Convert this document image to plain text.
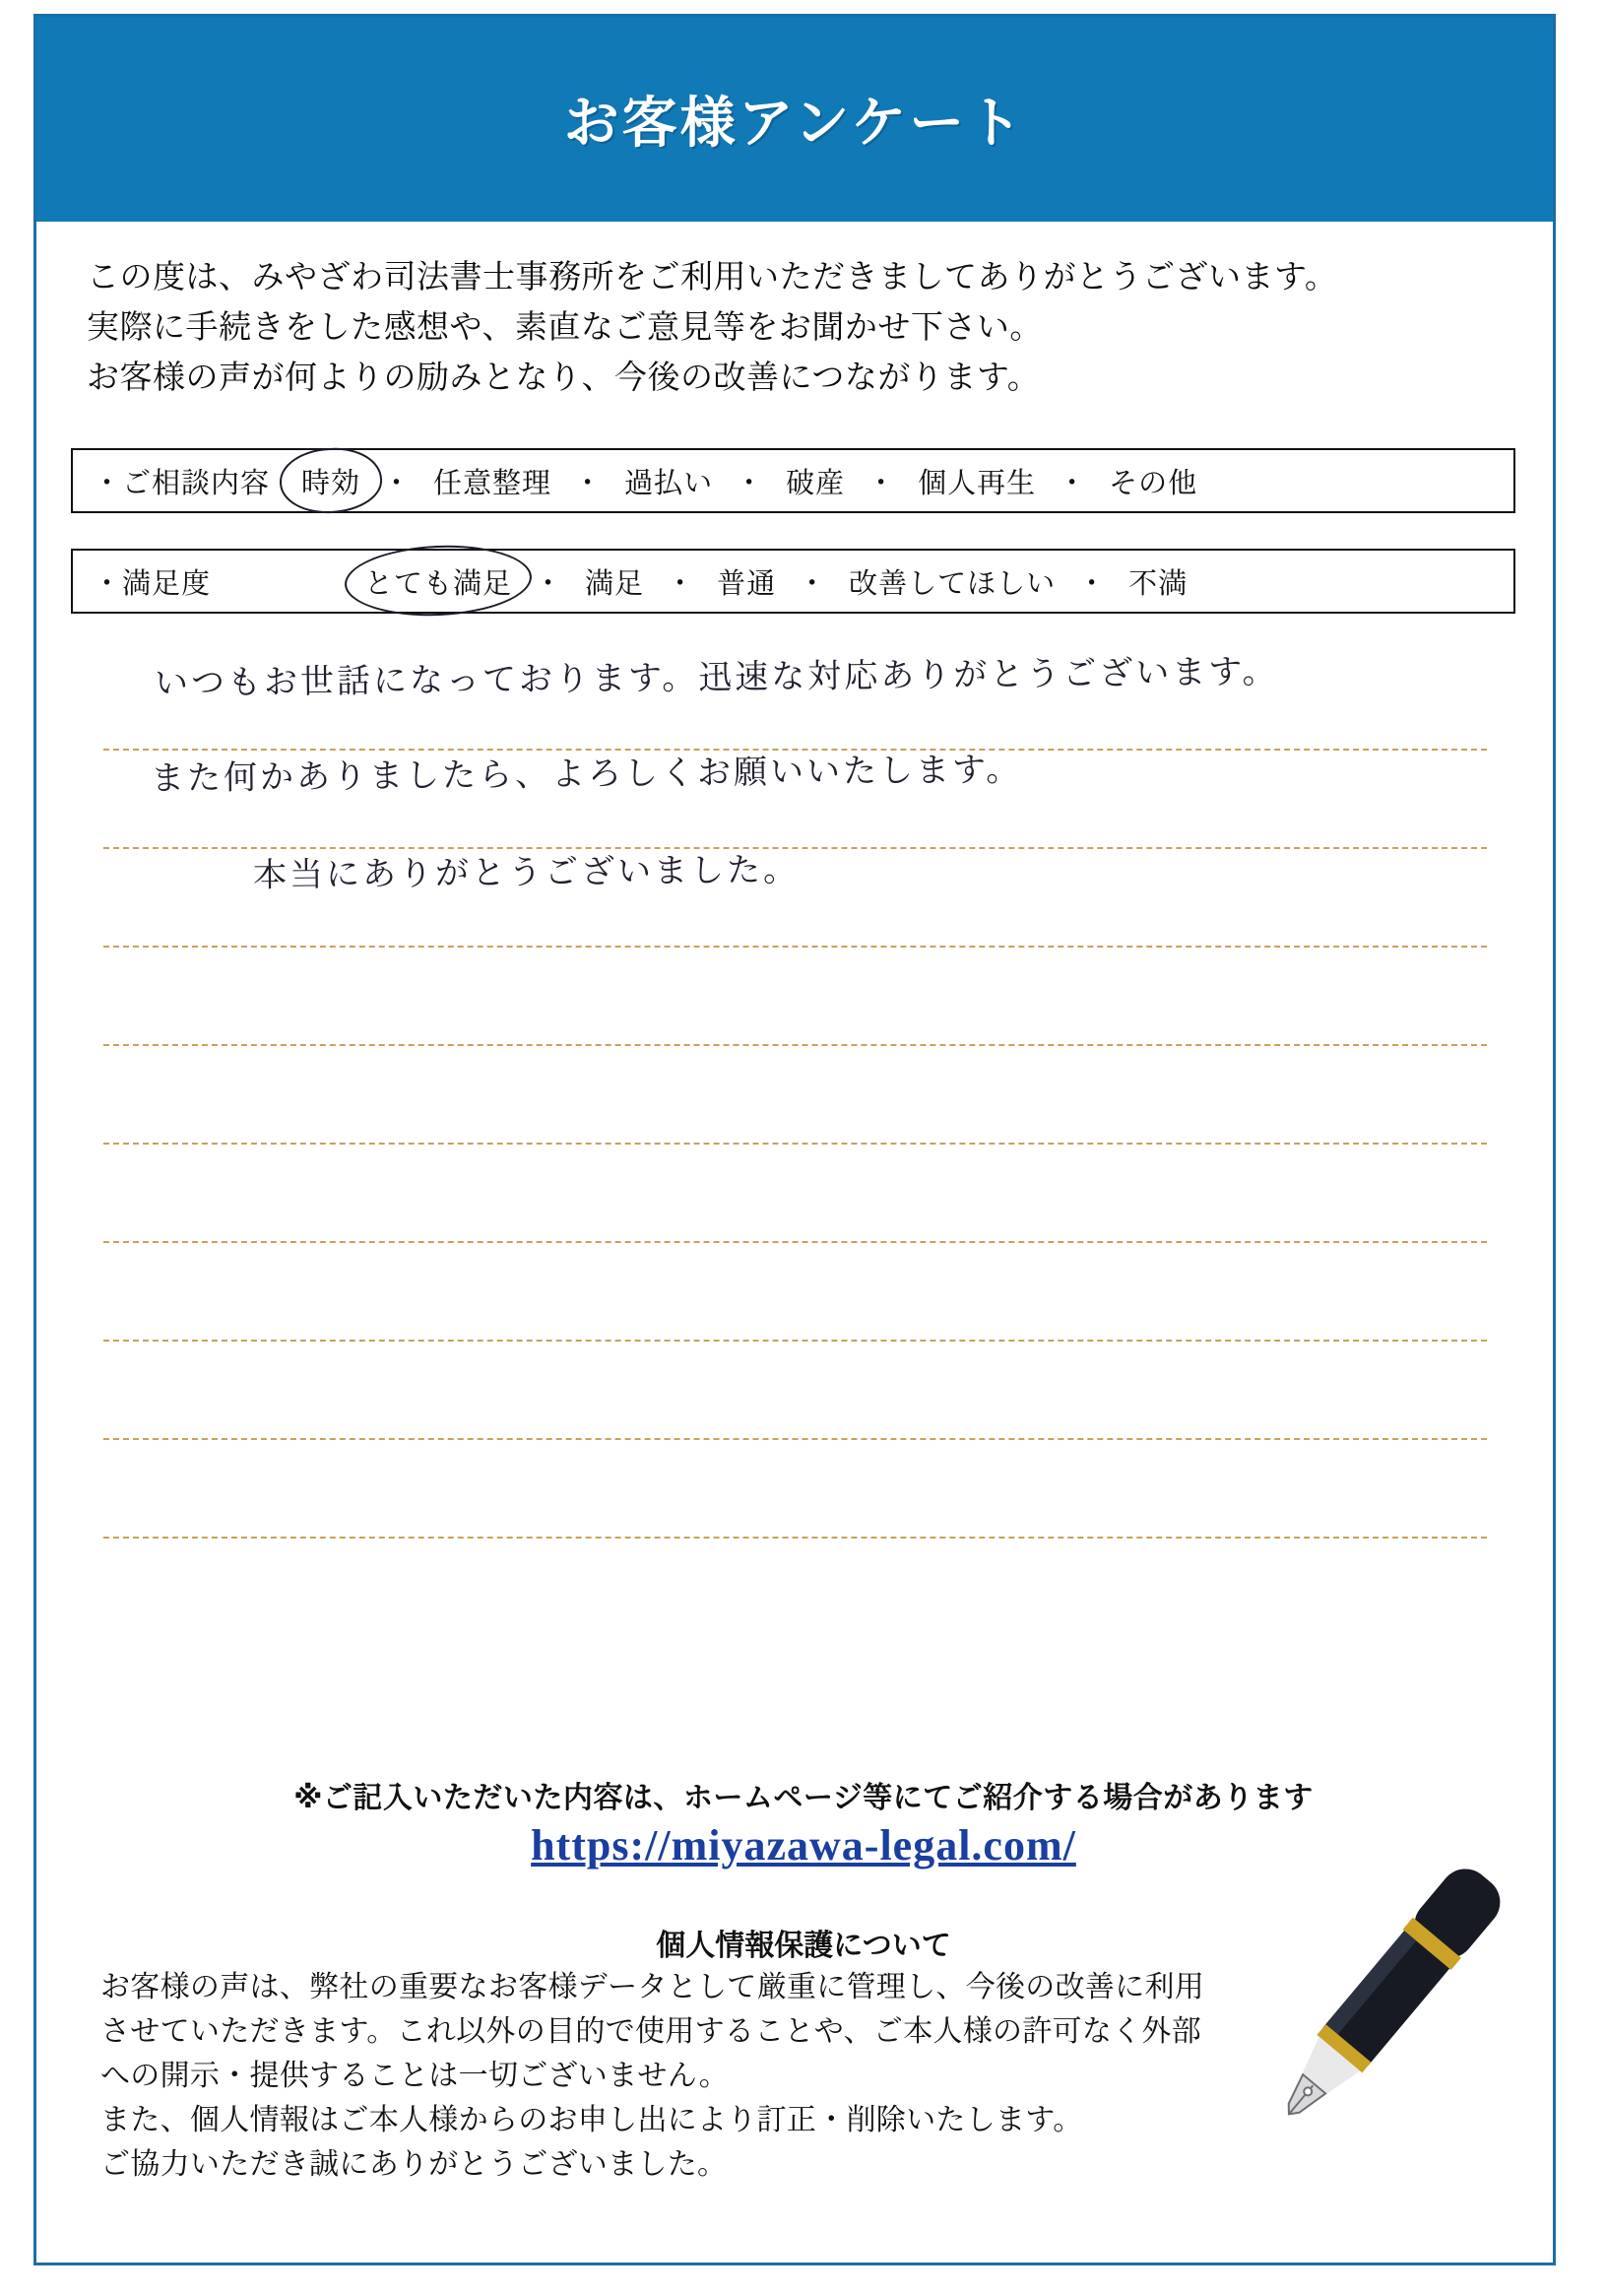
お客様アンケート
この度は、みやざわ司法書士事務所をご利用いただきましてありがとうございます。
実際に手続きをした感想や、素直なご意見等をお聞かせ下さい。
お客様の声が何よりの励みとなり、今後の改善につながります。
・ご相談内容 時効 ・ 任意整理 ・ 過払い ・ 破産 ・ 個人再生 ・ その他
・満足度	とても満足 ・ 満足 ・ 普通 ・ 改善してほしい ・ 不満
いつもお世話になっております。迅速な対応ありがとうございます。
また何かありましたら、よろしくお願いいたします。
本当にありがとうございました。
※ご記入いただいた内容は、ホームページ等にてご紹介する場合があります
https://miyazawa-legal.com/
個人情報保護について
お客様の声は、弊社の重要なお客様データとして厳重に管理し、今後の改善に利用
させていただきます。これ以外の目的で使用することや、ご本人様の許可なく外部
への開示・提供することは一切ございません。
また、個人情報はご本人様からのお申し出により訂正・削除いたします。
ご協力いただき誠にありがとうございました。
